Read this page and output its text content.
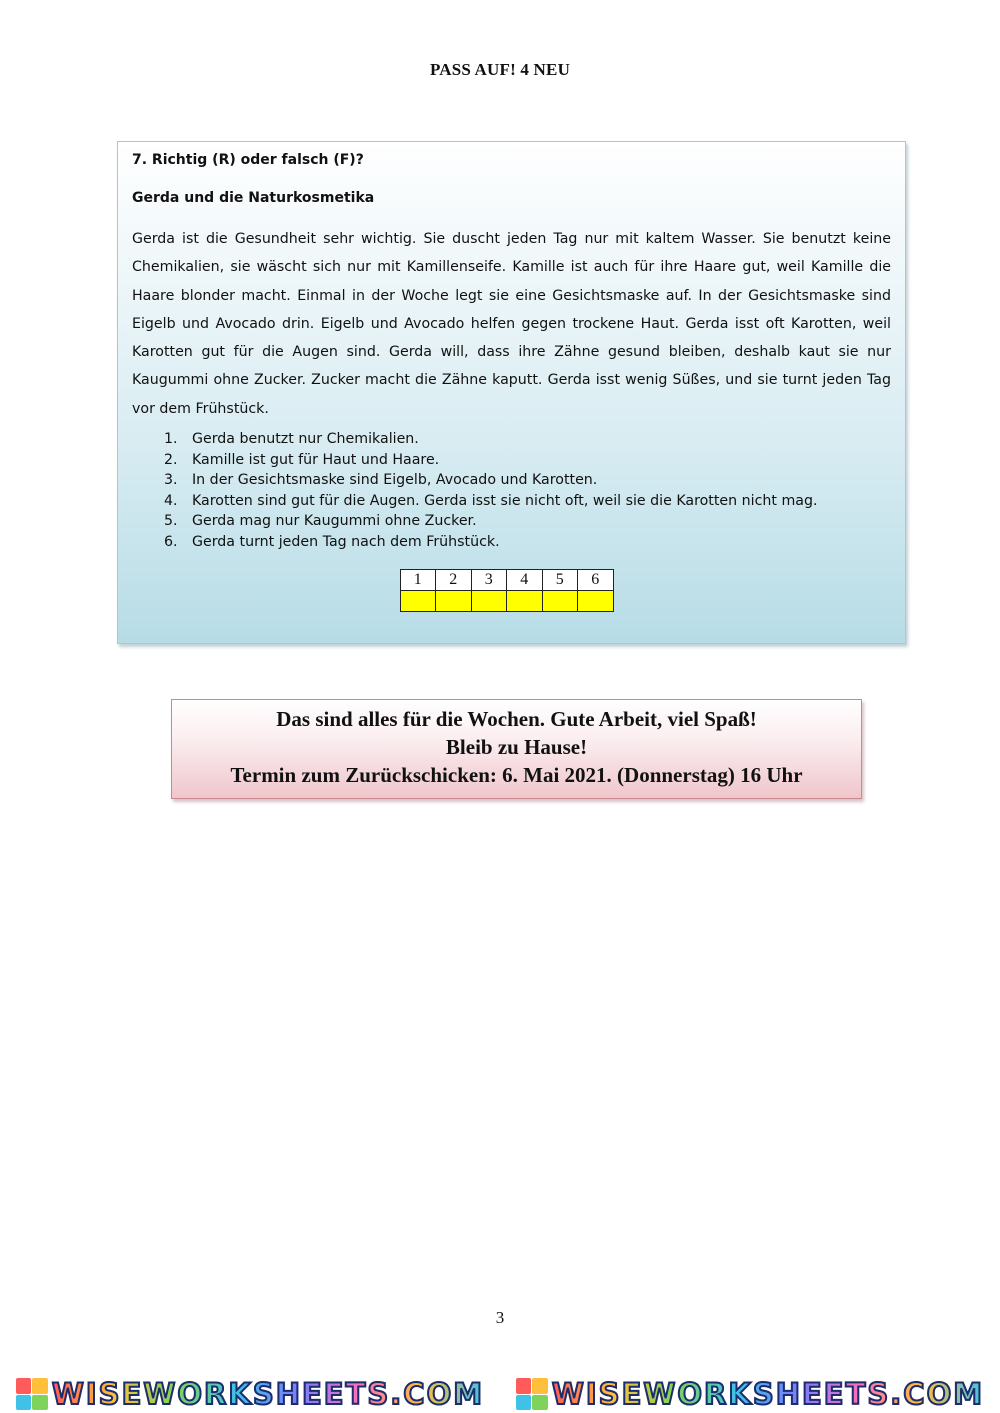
PASS AUF! 4 NEU
7. Richtig (R) oder falsch (F)?
Gerda und die Naturkosmetika

Gerda ist die Gesundheit sehr wichtig. Sie duscht jeden Tag nur mit kaltem Wasser. Sie benutzt keine Chemikalien, sie wäscht sich nur mit Kamillenseife. Kamille ist auch für ihre Haare gut, weil Kamille die Haare blonder macht. Einmal in der Woche legt sie eine Gesichtsmaske auf. In der Gesichtsmaske sind Eigelb und Avocado drin. Eigelb und Avocado helfen gegen trockene Haut. Gerda isst oft Karotten, weil Karotten gut für die Augen sind. Gerda will, dass ihre Zähne gesund bleiben, deshalb kaut sie nur Kaugummi ohne Zucker. Zucker macht die Zähne kaputt. Gerda isst wenig Süßes, und sie turnt jeden Tag vor dem Frühstück.

1.	Gerda benutzt nur Chemikalien.
2.	Kamille ist gut für Haut und Haare.
3.	In der Gesichtsmaske sind Eigelb, Avocado und Karotten.
4.	Karotten sind gut für die Augen. Gerda isst sie nicht oft, weil sie die Karotten nicht mag.
5.	Gerda mag nur Kaugummi ohne Zucker.
6.	Gerda turnt jeden Tag nach dem Frühstück.
1	2	3	4	5	6

Das sind alles für die Wochen. Gute Arbeit, viel Spaß!
Bleib zu Hause!
Termin zum Zurückschicken: 6. Mai 2021. (Donnerstag) 16 Uhr
3
WISEWORKSHEETS.COM WISEWORKSHEETS.COM
